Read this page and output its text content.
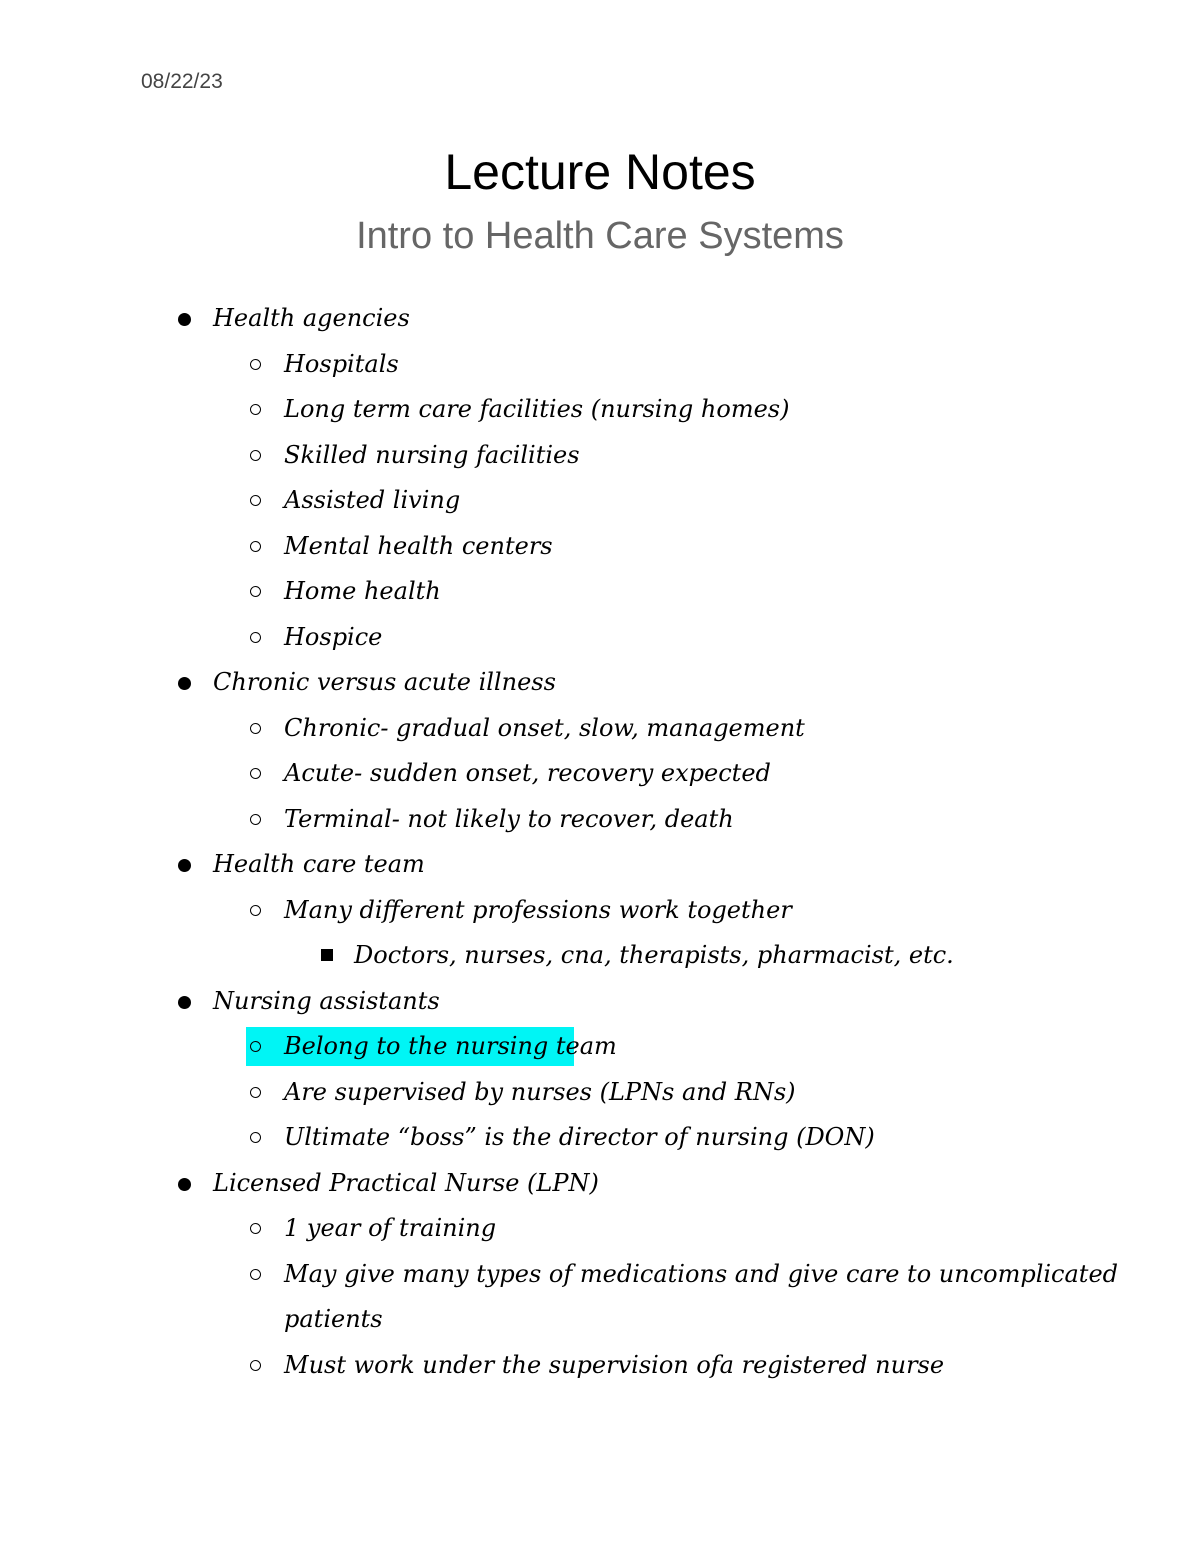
08/22/23
Lecture Notes
Intro to Health Care Systems
Health agencies
Hospitals
Long term care facilities (nursing homes)
Skilled nursing facilities
Assisted living
Mental health centers
Home health
Hospice
Chronic versus acute illness
Chronic- gradual onset, slow, management
Acute- sudden onset, recovery expected
Terminal- not likely to recover, death
Health care team
Many different professions work together
Doctors, nurses, cna, therapists, pharmacist, etc.
Nursing assistants
Belong to the nursing team
Are supervised by nurses (LPNs and RNs)
Ultimate “boss” is the director of nursing (DON)
Licensed Practical Nurse (LPN)
1 year of training
May give many types of medications and give care to uncomplicated
patients
Must work under the supervision ofa registered nurse
